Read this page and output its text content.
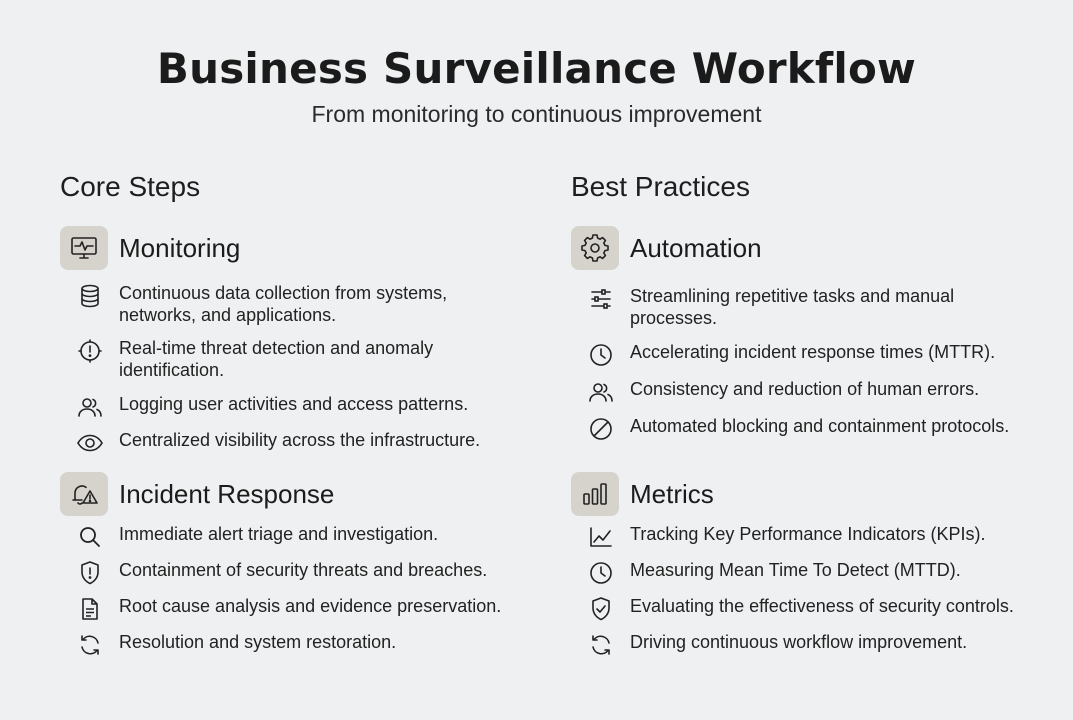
Business Surveillance Workflow
From monitoring to continuous improvement
Core Steps
Monitoring
Continuous data collection from systems, networks, and applications.
Real-time threat detection and anomaly identification.
Logging user activities and access patterns.
Centralized visibility across the infrastructure.
Incident Response
Immediate alert triage and investigation.
Containment of security threats and breaches.
Root cause analysis and evidence preservation.
Resolution and system restoration.
Best Practices
Automation
Streamlining repetitive tasks and manual processes.
Accelerating incident response times (MTTR).
Consistency and reduction of human errors.
Automated blocking and containment protocols.
Metrics
Tracking Key Performance Indicators (KPIs).
Measuring Mean Time To Detect (MTTD).
Evaluating the effectiveness of security controls.
Driving continuous workflow improvement.
